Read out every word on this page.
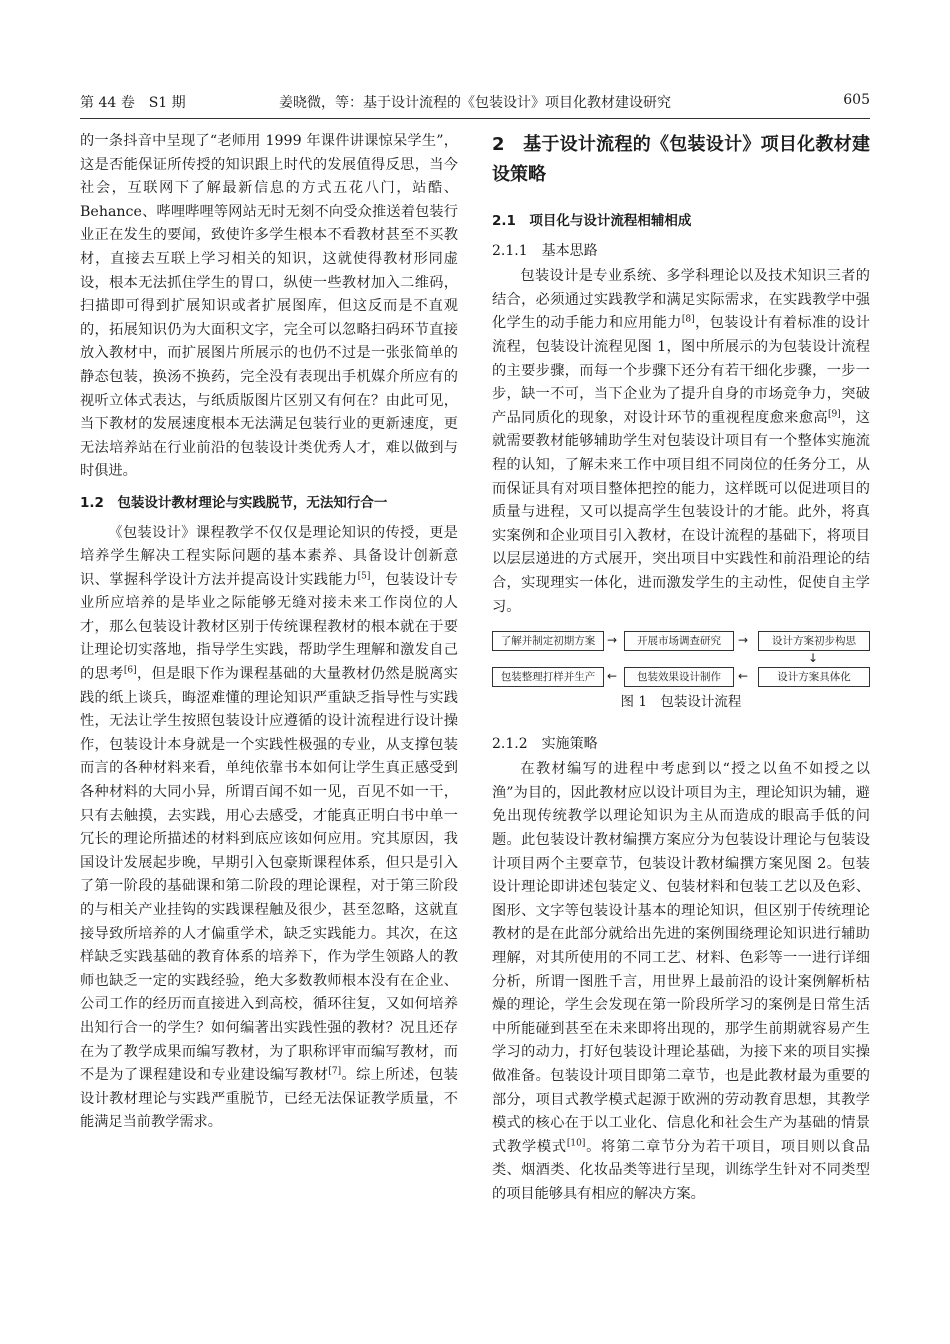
第 44 卷　S1 期	姜晓微，等：基于设计流程的《包装设计》项目化教材建设研究	605

的一条抖音中呈现了“老师用 1999 年课件讲课惊呆学生”，这是否能保证所传授的知识跟上时代的发展值得反思，当今社会，互联网下了解最新信息的方式五花八门，站酷、Behance、哔哩哔哩等网站无时无刻不向受众推送着包装行业正在发生的要闻，致使许多学生根本不看教材甚至不买教材，直接去互联上学习相关的知识，这就使得教材形同虚设，根本无法抓住学生的胃口，纵使一些教材加入二维码，扫描即可得到扩展知识或者扩展图库，但这反而是不直观的，拓展知识仍为大面积文字，完全可以忽略扫码环节直接放入教材中，而扩展图片所展示的也仍不过是一张张简单的静态包装，换汤不换药，完全没有表现出手机媒介所应有的视听立体式表达，与纸质版图片区别又有何在？由此可见，当下教材的发展速度根本无法满足包装行业的更新速度，更无法培养站在行业前沿的包装设计类优秀人才，难以做到与时俱进。

1.2　包装设计教材理论与实践脱节，无法知行合一

《包装设计》课程教学不仅仅是理论知识的传授，更是培养学生解决工程实际问题的基本素养、具备设计创新意识、掌握科学设计方法并提高设计实践能力[5]，包装设计专业所应培养的是毕业之际能够无缝对接未来工作岗位的人才，那么包装设计教材区别于传统课程教材的根本就在于要让理论切实落地，指导学生实践，帮助学生理解和激发自己的思考[6]，但是眼下作为课程基础的大量教材仍然是脱离实践的纸上谈兵，晦涩难懂的理论知识严重缺乏指导性与实践性，无法让学生按照包装设计应遵循的设计流程进行设计操作，包装设计本身就是一个实践性极强的专业，从支撑包装而言的各种材料来看，单纯依靠书本如何让学生真正感受到各种材料的大同小异，所谓百闻不如一见，百见不如一干，只有去触摸，去实践，用心去感受，才能真正明白书中单一冗长的理论所描述的材料到底应该如何应用。究其原因，我国设计发展起步晚，早期引入包豪斯课程体系，但只是引入了第一阶段的基础课和第二阶段的理论课程，对于第三阶段的与相关产业挂钩的实践课程触及很少，甚至忽略，这就直接导致所培养的人才偏重学术，缺乏实践能力。其次，在这样缺乏实践基础的教育体系的培养下，作为学生领路人的教师也缺乏一定的实践经验，绝大多数教师根本没有在企业、公司工作的经历而直接进入到高校，循环往复，又如何培养出知行合一的学生？如何编著出实践性强的教材？况且还存在为了教学成果而编写教材，为了职称评审而编写教材，而不是为了课程建设和专业建设编写教材[7]。综上所述，包装设计教材理论与实践严重脱节，已经无法保证教学质量，不能满足当前教学需求。

2　基于设计流程的《包装设计》项目化教材建设策略
2.1　项目化与设计流程相辅相成
2.1.1　基本思路

包装设计是专业系统、多学科理论以及技术知识三者的结合，必须通过实践教学和满足实际需求，在实践教学中强化学生的动手能力和应用能力[8]，包装设计有着标准的设计流程，包装设计流程见图 1，图中所展示的为包装设计流程的主要步骤，而每一个步骤下还分有若干细化步骤，一步一步，缺一不可，当下企业为了提升自身的市场竞争力，突破产品同质化的现象，对设计环节的重视程度愈来愈高[9]，这就需要教材能够辅助学生对包装设计项目有一个整体实施流程的认知，了解未来工作中项目组不同岗位的任务分工，从而保证具有对项目整体把控的能力，这样既可以促进项目的质量与进程，又可以提高学生包装设计的才能。此外，将真实案例和企业项目引入教材，在设计流程的基础下，将项目以层层递进的方式展开，突出项目中实践性和前沿理论的结合，实现理实一体化，进而激发学生的主动性，促使自主学习。

了解并制定初期方案 →	开展市场调查研究	→	设计方案初步构思
↓
包装整理打样并生产 ←	包装效果设计制作	←	设计方案具体化
图 1　包装设计流程
2.1.2　实施策略

在教材编写的进程中考虑到以“授之以鱼不如授之以渔”为目的，因此教材应以设计项目为主，理论知识为辅，避免出现传统教学以理论知识为主从而造成的眼高手低的问题。此包装设计教材编撰方案应分为包装设计理论与包装设计项目两个主要章节，包装设计教材编撰方案见图 2。包装设计理论即讲述包装定义、包装材料和包装工艺以及色彩、图形、文字等包装设计基本的理论知识，但区别于传统理论教材的是在此部分就给出先进的案例围绕理论知识进行辅助理解，对其所使用的不同工艺、材料、色彩等一一进行详细分析，所谓一图胜千言，用世界上最前沿的设计案例解析枯燥的理论，学生会发现在第一阶段所学习的案例是日常生活中所能碰到甚至在未来即将出现的，那学生前期就容易产生学习的动力，打好包装设计理论基础，为接下来的项目实操做准备。包装设计项目即第二章节，也是此教材最为重要的部分，项目式教学模式起源于欧洲的劳动教育思想，其教学模式的核心在于以工业化、信息化和社会生产为基础的情景式教学模式[10]。将第二章节分为若干项目，项目则以食品类、烟酒类、化妆品类等进行呈现，训练学生针对不同类型的项目能够具有相应的解决方案。
